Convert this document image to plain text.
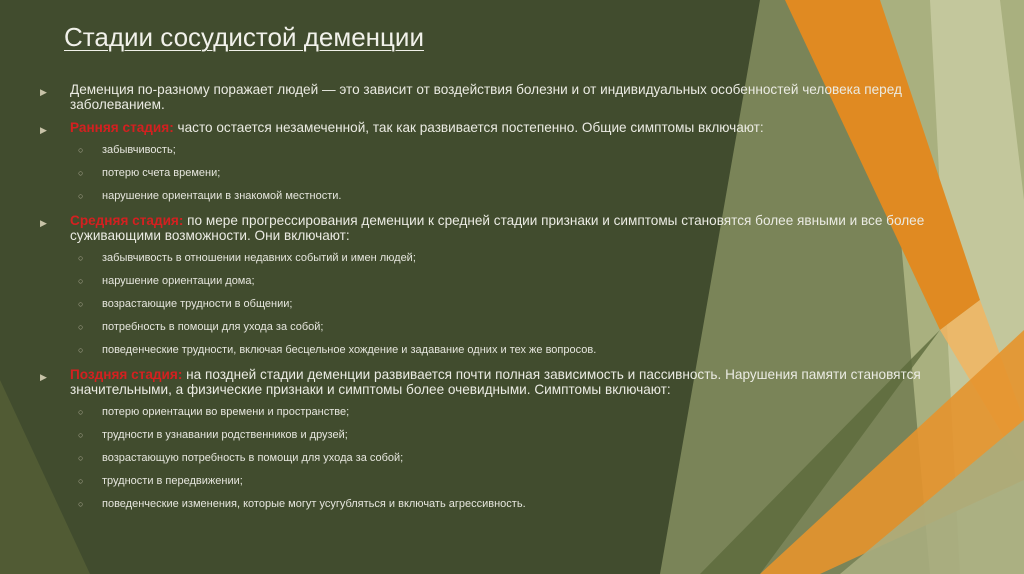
Стадии сосудистой деменции
▶ Деменция по-разному поражает людей — это зависит от воздействия болезни и от индивидуальных особенностей человека перед заболеванием.
▶ Ранняя стадия: часто остается незамеченной, так как развивается постепенно. Общие симптомы включают:
○ забывчивость;
○ потерю счета времени;
○ нарушение ориентации в знакомой местности.
▶ Средняя стадия: по мере прогрессирования деменции к средней стадии признаки и симптомы становятся более явными и все более суживающими возможности. Они включают:
○ забывчивость в отношении недавних событий и имен людей;
○ нарушение ориентации дома;
○ возрастающие трудности в общении;
○ потребность в помощи для ухода за собой;
○ поведенческие трудности, включая бесцельное хождение и задавание одних и тех же вопросов.
▶ Поздняя стадия: на поздней стадии деменции развивается почти полная зависимость и пассивность. Нарушения памяти становятся значительными, а физические признаки и симптомы более очевидными. Симптомы включают:
○ потерю ориентации во времени и пространстве;
○ трудности в узнавании родственников и друзей;
○ возрастающую потребность в помощи для ухода за собой;
○ трудности в передвижении;
○ поведенческие изменения, которые могут усугубляться и включать агрессивность.
